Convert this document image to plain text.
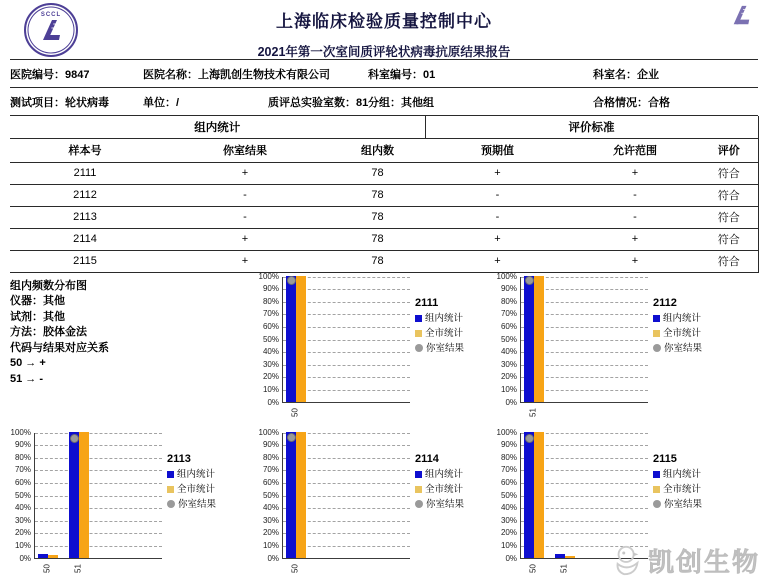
SCCL	上海临床检验质量控制中心
2021年第一次室间质评轮状病毒抗原结果报告
医院编号：9847	医院名称：上海凯创生物技术有限公司	科室编号：01	科室名：企业
测试项目：轮状病毒	单位：/	质评总实验室数：81 分组：其他组	合格情况：合格
组内统计			评价标准		
样本号	你室结果	组内数	预期值	允许范围	评价
2111	+	78	+	+	符合
2112	-	78	-	-	符合
2113	-	78	-	-	符合
2114	+	78	+	+	符合
2115	+	78	+	+	符合
组内频数分布图
仪器：其他
试剂：其他
方法：胶体金法
代码与结果对应关系
50 → +
51 → -
100%
90%
80%
70%
60%
50%
40%
30%
20%
10%
0%
2111
组内统计
全市统计
你室结果
50
100%
90%
80%
70%
60%
50%
40%
30%
20%
10%
0%
2112
组内统计
全市统计
你室结果
51
100%
90%
80%
70%
60%
50%
40%
30%
20%
10%
0%
2113
组内统计
全市统计
你室结果
50	51
100%
90%
80%
70%
60%
50%
40%
30%
20%
10%
0%
2114
组内统计
全市统计
你室结果
50
100%
90%
80%
70%
60%
50%
40%
30%
20%
10%
0%
2115
组内统计
全市统计
你室结果
50	51	凯创生物
